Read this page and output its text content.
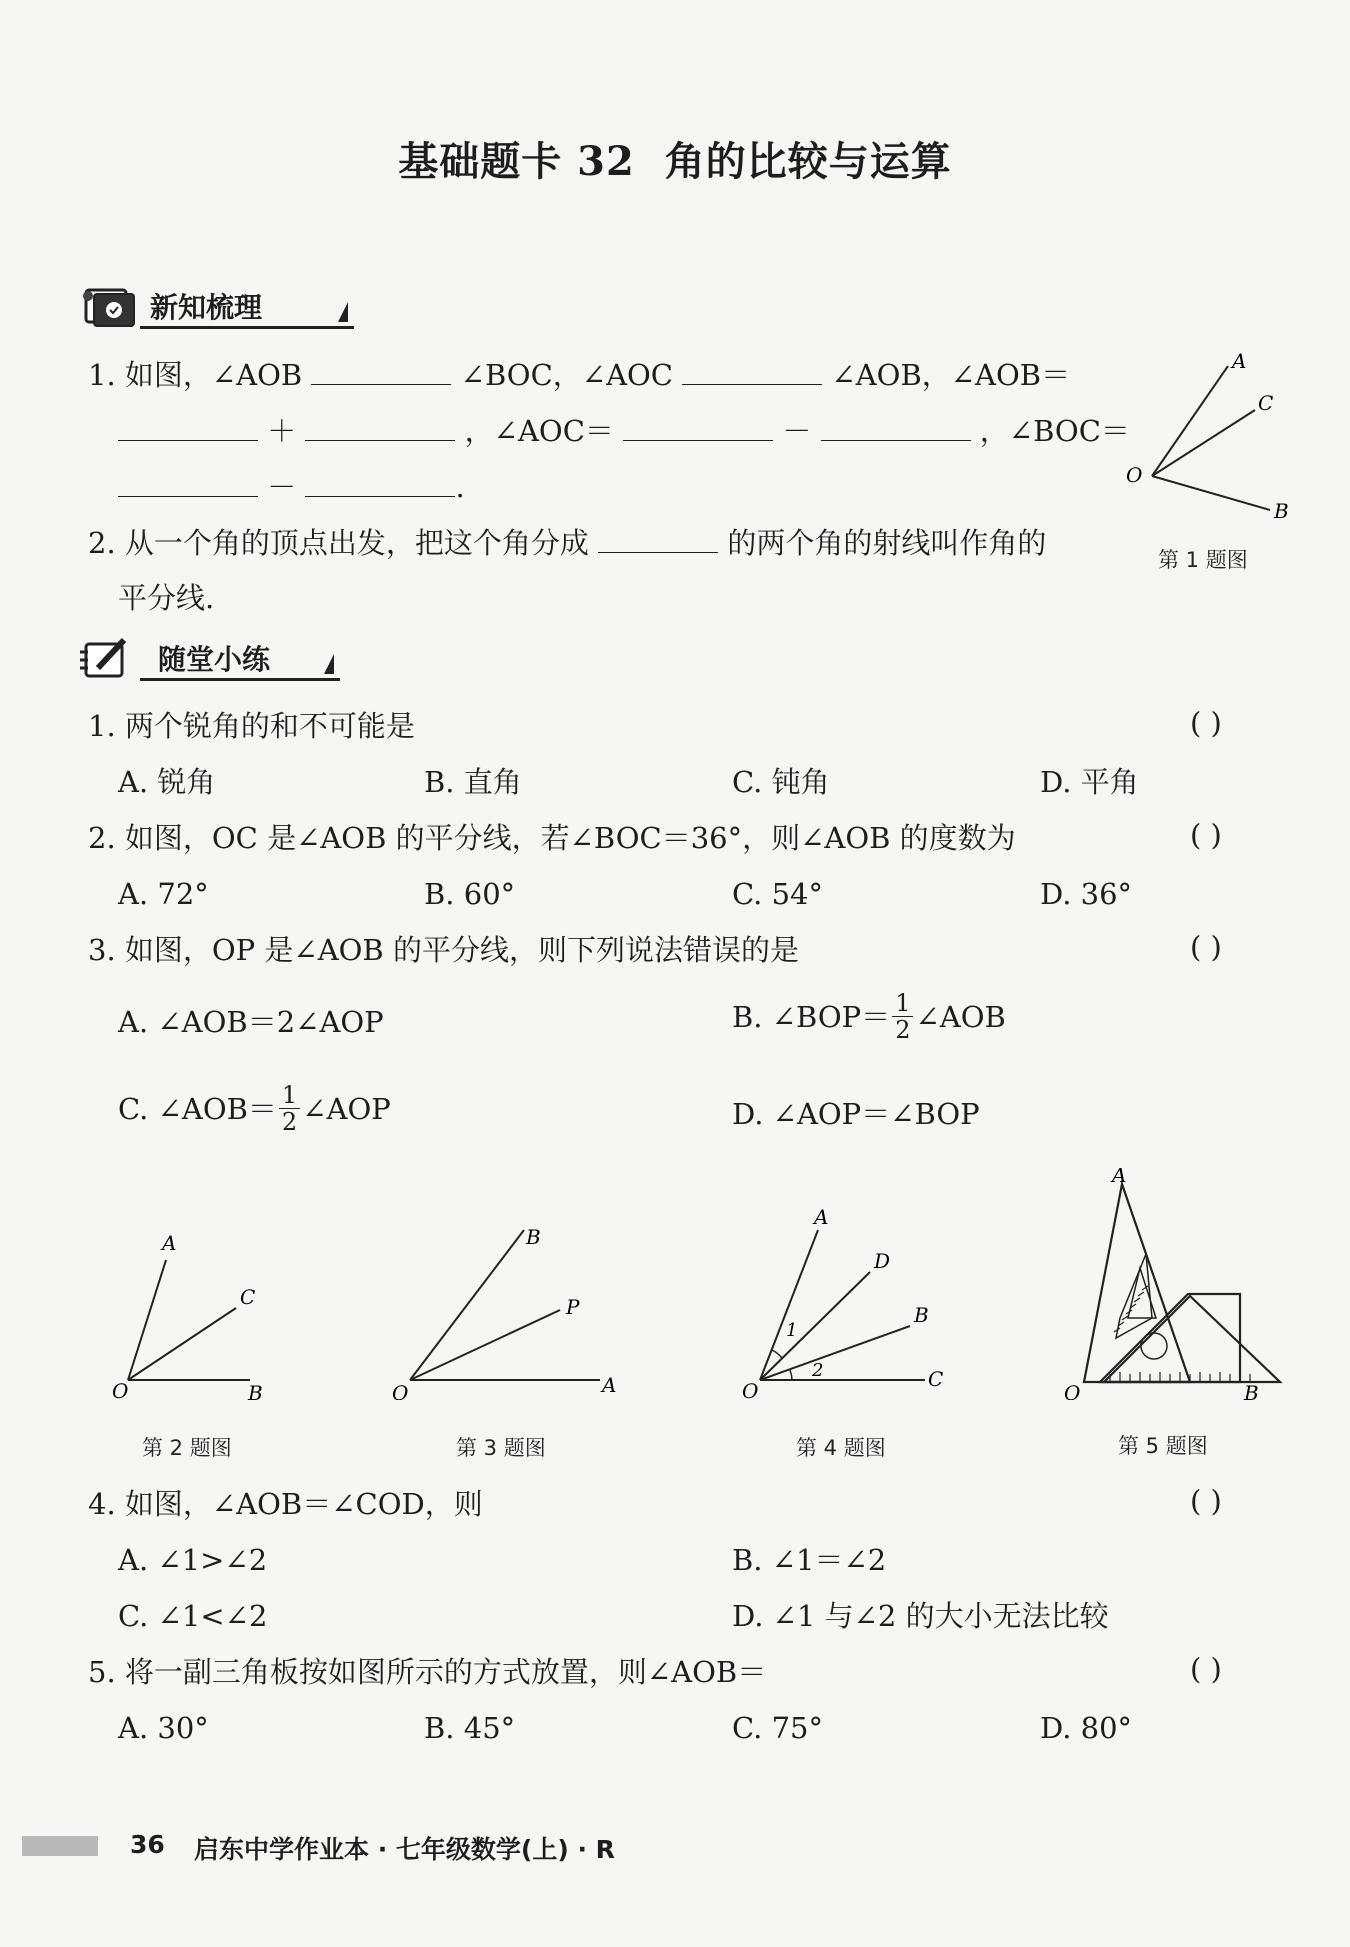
基础题卡 32 角的比较与运算
新知梳理
1. 如图，∠AOB	∠BOC，∠AOC	∠AOB，∠AOB＝
＋	，∠AOC＝	－	，∠BOC＝
－	.
2. 从一个角的顶点出发，把这个角分成	的两个角的射线叫作角的
平分线.
A
C
O
B
第 1 题图
随堂小练
1. 两个锐角的和不可能是	( )
A. 锐角	B. 直角	C. 钝角	D. 平角
2. 如图，OC 是∠AOB 的平分线，若∠BOC＝36°，则∠AOB 的度数为	( )
A. 72°	B. 60°	C. 54°	D. 36°
3. 如图，OP 是∠AOB 的平分线，则下列说法错误的是	( )
A. ∠AOB＝2∠AOP	B. ∠BOP＝ $\frac{1}{2}$ ∠AOB
C. ∠AOB＝ $\frac{1}{2}$ ∠AOP	D. ∠AOP＝∠BOP
A
C
O	B
第 2 题图
B
P
O	A
第 3 题图
A
D
B
C
O
1
2
第 4 题图
A
O	B
第 5 题图
4. 如图，∠AOB＝∠COD，则	( )
A. ∠1>∠2	B. ∠1＝∠2
C. ∠1<∠2	D. ∠1 与∠2 的大小无法比较
5. 将一副三角板按如图所示的方式放置，则∠AOB＝	( )
A. 30°	B. 45°	C. 75°	D. 80°
36 启东中学作业本 · 七年级数学(上) · R
